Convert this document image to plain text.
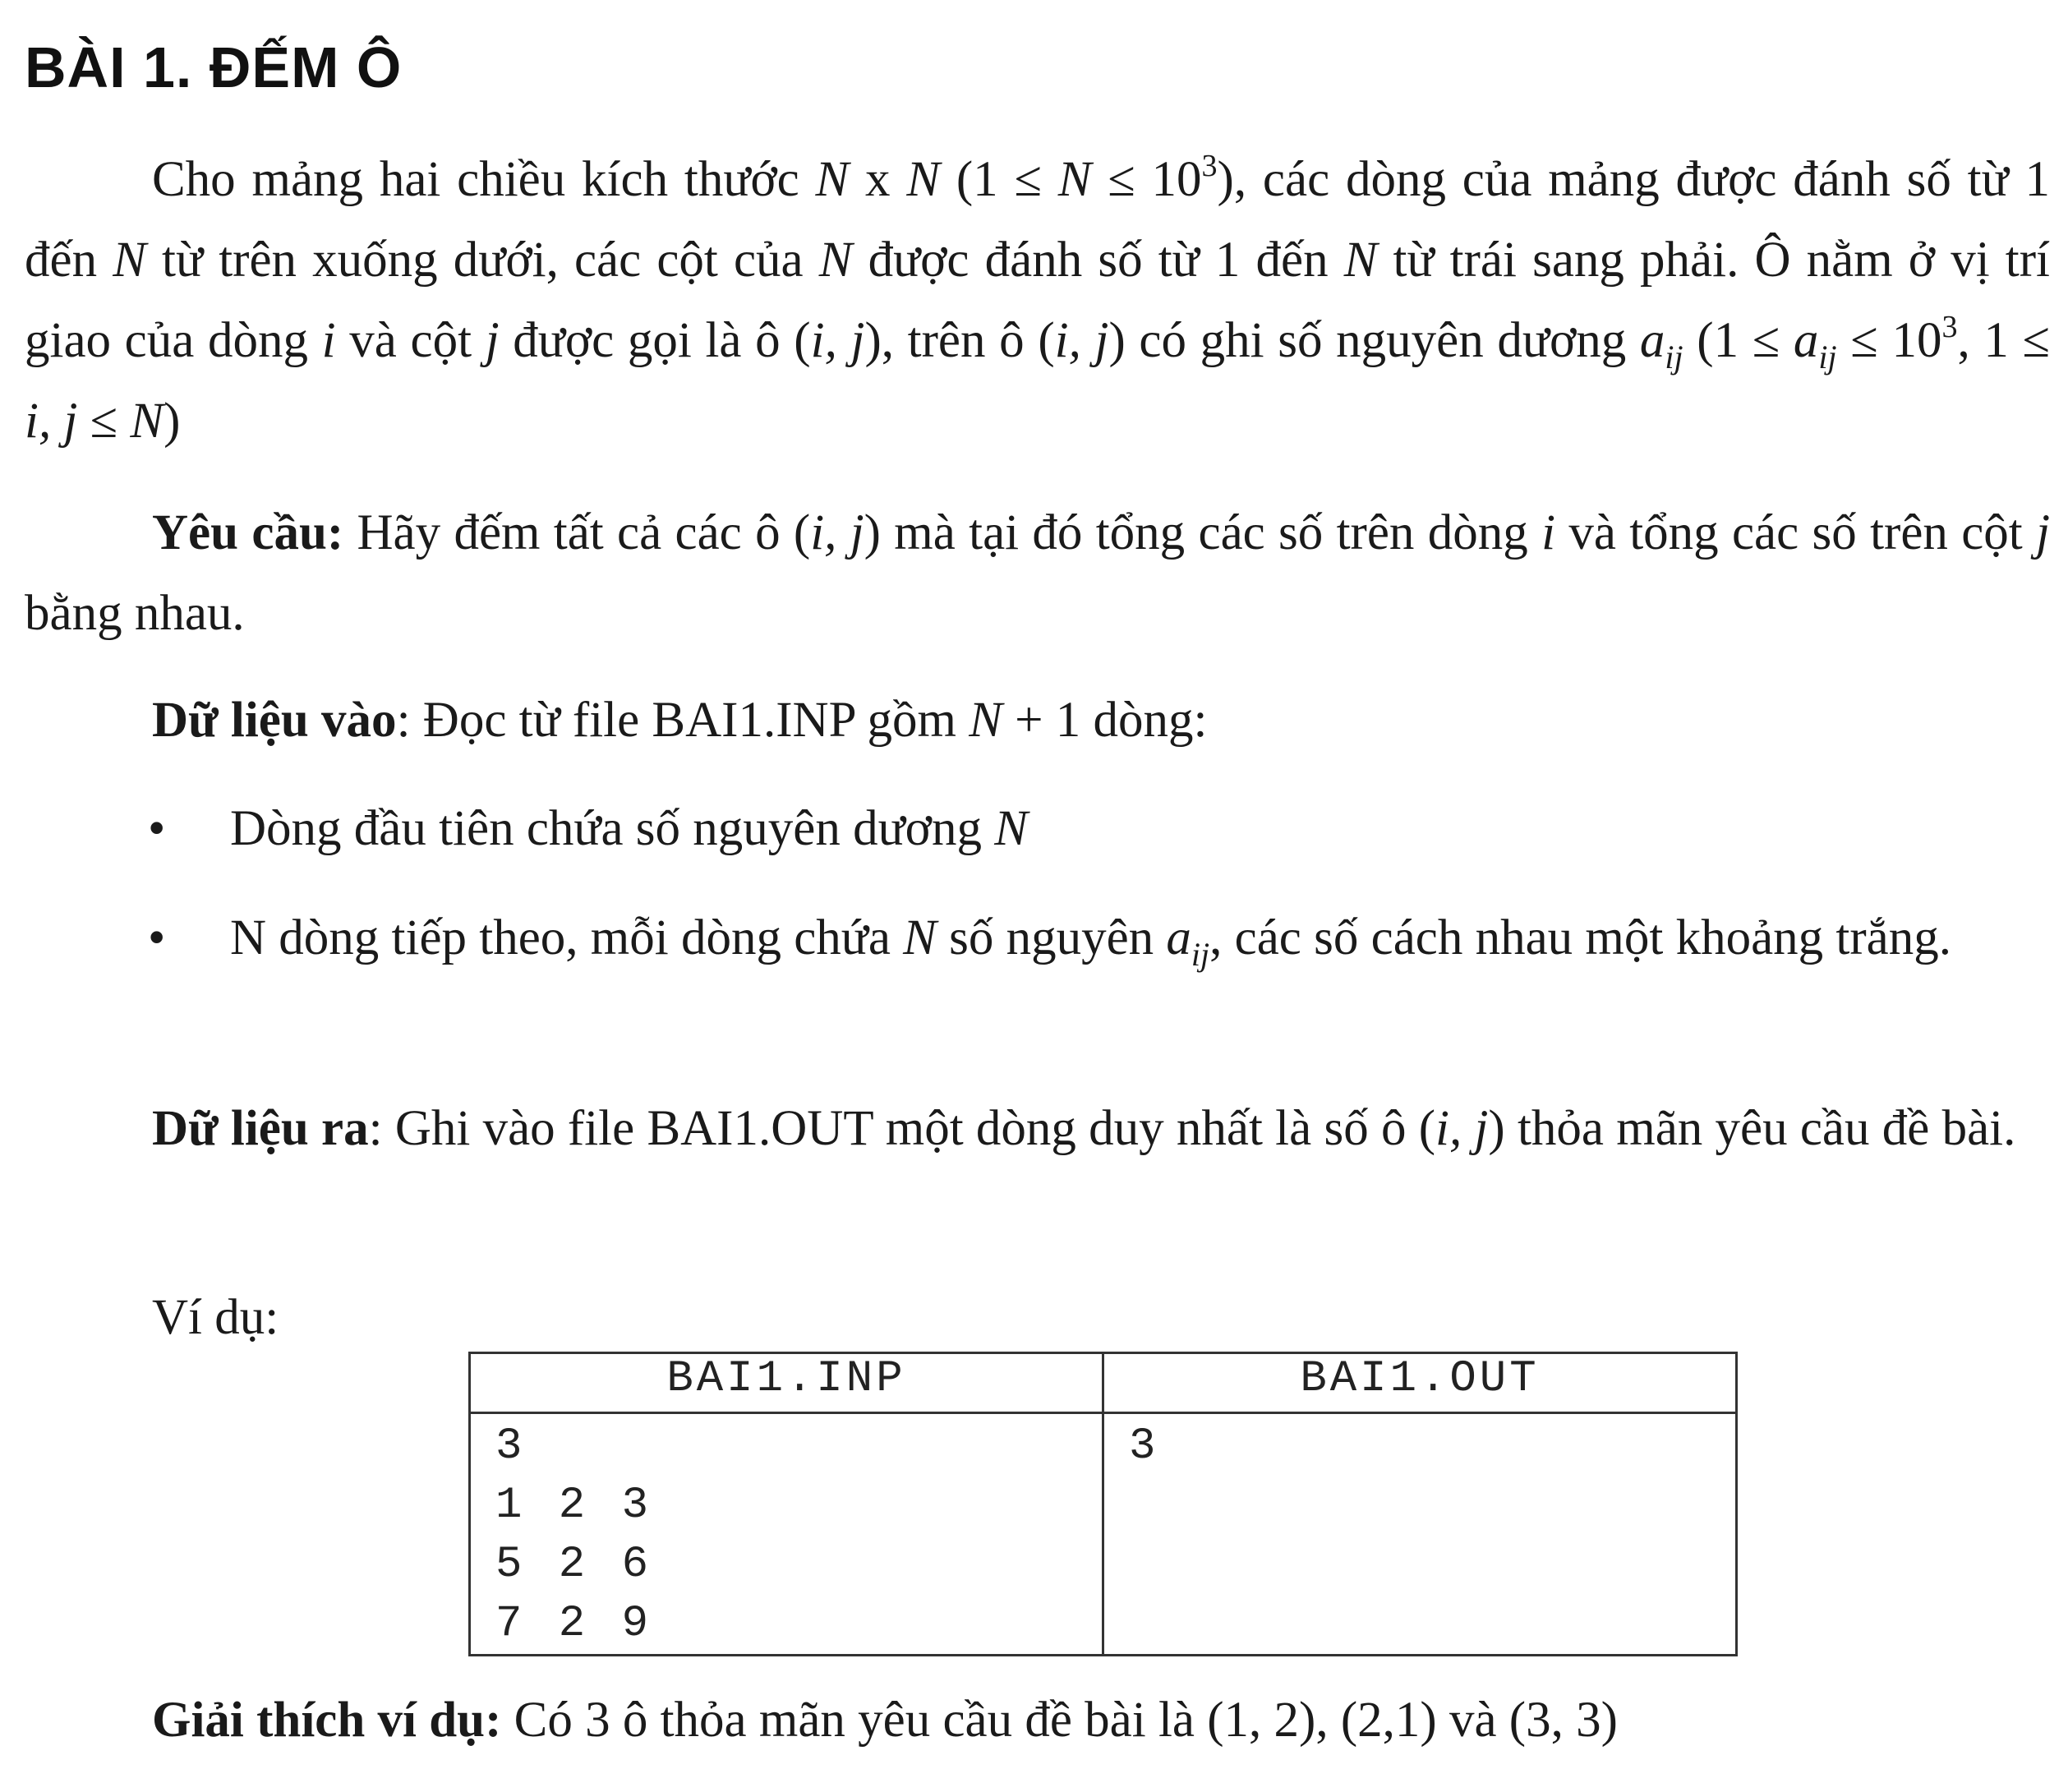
BÀI 1. ĐẾM Ô

Cho mảng hai chiều kích thước N x N $(1 \le N \le 10^3)$, các dòng của mảng được đánh số từ 1 đến N từ trên xuống dưới, các cột của N được đánh số từ 1 đến N từ trái sang phải. Ô nằm ở vị trí giao của dòng i và cột j được gọi là ô (i, j), trên ô (i, j) có ghi số nguyên dương $a_{ij}$ ($1 \le a_{ij} \le 10^3$, 1 ≤ i, j ≤ N)

Yêu cầu: Hãy đếm tất cả các ô (i, j) mà tại đó tổng các số trên dòng i và tổng các số trên cột j bằng nhau.

Dữ liệu vào: Đọc từ file BAI1.INP gồm N + 1 dòng:

• Dòng đầu tiên chứa số nguyên dương N

• N dòng tiếp theo, mỗi dòng chứa N số nguyên $a_{ij}$, các số cách nhau một khoảng trắng.

Dữ liệu ra: Ghi vào file BAI1.OUT một dòng duy nhất là số ô (i, j) thỏa mãn yêu cầu đề bài.

Ví dụ:
BAI1.INP	BAI1.OUT

3
1 2 3
5 2 6
7 2 9	3
Giải thích ví dụ: Có 3 ô thỏa mãn yêu cầu đề bài là (1, 2), (2,1) và (3, 3)
